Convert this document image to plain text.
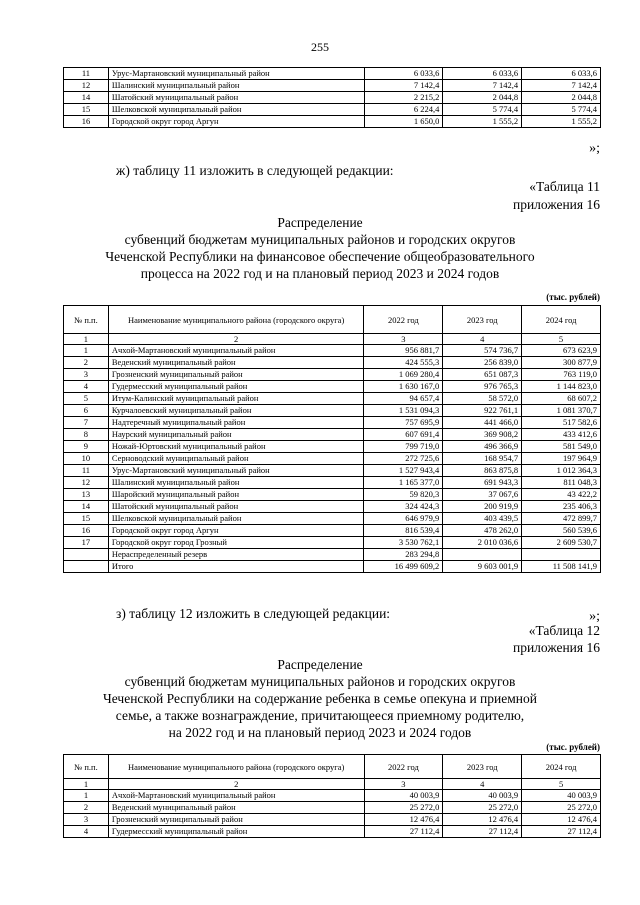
255
11	Урус-Мартановский муниципальный район	6 033,6	6 033,6	6 033,6
12	Шалинский муниципальный район	7 142,4	7 142,4	7 142,4
14	Шатойский муниципальный район	2 215,2	2 044,8	2 044,8
15	Шелковской муниципальный район	6 224,4	5 774,4	5 774,4
16	Городской округ город Аргун	1 650,0	1 555,2	1 555,2
»;
ж) таблицу 11 изложить в следующей редакции:
«Таблица 11
приложения 16
Распределение
субвенций бюджетам муниципальных районов и городских округов
Чеченской Республики на финансовое обеспечение общеобразовательного
процесса на 2022 год и на плановый период 2023 и 2024 годов
(тыс. рублей)
№ п.п.	Наименование муниципального района (городского округа)	2022 год	2023 год	2024 год
1	2	3	4	5
1	Ачхой-Мартановский муниципальный район	956 881,7	574 736,7	673 623,9
2	Веденский муниципальный район	424 555,3	256 839,0	300 877,9
3	Грозненский муниципальный район	1 069 280,4	651 087,3	763 119,0
4	Гудермесский муниципальный район	1 630 167,0	976 765,3	1 144 823,0
5	Итум-Калинский муниципальный район	94 657,4	58 572,0	68 607,2
6	Курчалоевский муниципальный район	1 531 094,3	922 761,1	1 081 370,7
7	Надтеречный муниципальный район	757 695,9	441 466,0	517 582,6
8	Наурский муниципальный район	607 691,4	369 908,2	433 412,6
9	Ножай-Юртовский муниципальный район	799 719,0	496 366,9	581 549,0
10	Серноводский муниципальный район	272 725,6	168 954,7	197 964,9
11	Урус-Мартановский муниципальный район	1 527 943,4	863 875,8	1 012 364,3
12	Шалинский муниципальный район	1 165 377,0	691 943,3	811 048,3
13	Шаройский муниципальный район	59 820,3	37 067,6	43 422,2
14	Шатойский муниципальный район	324 424,3	200 919,9	235 406,3
15	Шелковской муниципальный район	646 979,9	403 439,5	472 899,7
16	Городской округ город Аргун	816 539,4	478 262,0	560 539,6
17	Городской округ город Грозный	3 530 762,1	2 010 036,6	2 609 530,7
	Нераспределенный резерв	283 294,8		
	Итого	16 499 609,2	9 603 001,9	11 508 141,9
»;
з) таблицу 12 изложить в следующей редакции:
«Таблица 12
приложения 16
Распределение
субвенций бюджетам муниципальных районов и городских округов
Чеченской Республики на содержание ребенка в семье опекуна и приемной
семье, а также вознаграждение, причитающееся приемному родителю,
на 2022 год и на плановый период 2023 и 2024 годов
(тыс. рублей)
№ п.п.	Наименование муниципального района (городского округа)	2022 год	2023 год	2024 год
1	2	3	4	5
1	Ачхой-Мартановский муниципальный район	40 003,9	40 003,9	40 003,9
2	Веденский муниципальный район	25 272,0	25 272,0	25 272,0
3	Грозненский муниципальный район	12 476,4	12 476,4	12 476,4
4	Гудермесский муниципальный район	27 112,4	27 112,4	27 112,4
